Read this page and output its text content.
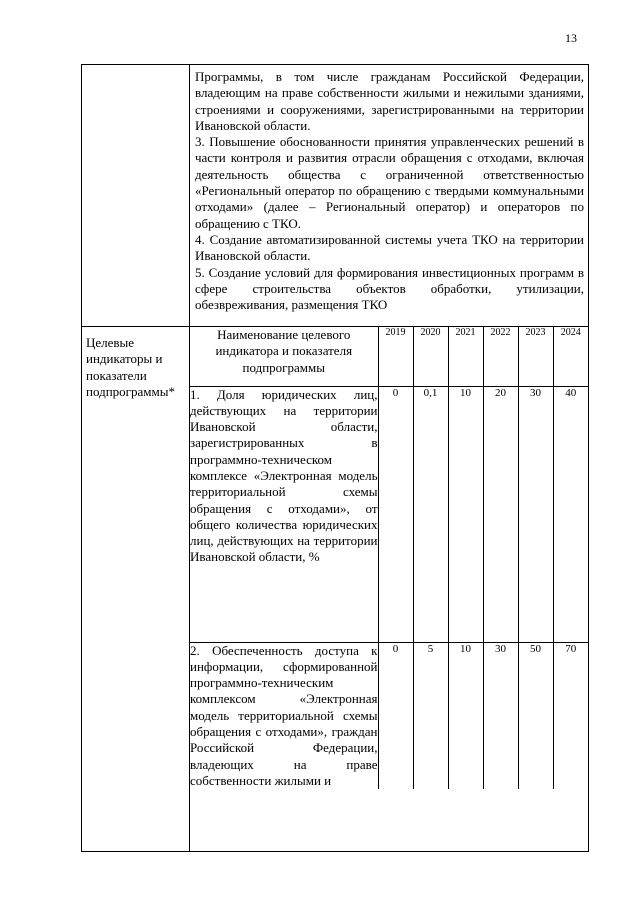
13

Программы, в том числе гражданам Российской Федерации, владеющим на праве собственности жилыми и нежилыми зданиями, строениями и сооружениями, зарегистрированными на территории Ивановской области.

3. Повышение обоснованности принятия управленческих решений в части контроля и развития отрасли обращения с отходами, включая деятельность общества с ограниченной ответственностью «Региональный оператор по обращению с твердыми коммунальными отходами» (далее – Региональный оператор) и операторов по обращению с ТКО.

4. Создание автоматизированной системы учета ТКО на территории Ивановской области.

5. Создание условий для формирования инвестиционных программ в сфере строительства объектов обработки, утилизации, обезвреживания, размещения ТКО

Целевые индикаторы и показатели подпрограммы*	
Наименование целевого индикатора и показателя подпрограммы	2019	2020	2021	2022	2023	2024
1. Доля юридических лиц, действующих на территории Ивановской области, зарегистрированных в программно-техническом комплексе «Электронная модель территориальной схемы обращения с отходами», от общего количества юридических лиц, действующих на территории Ивановской области, %	0	0,1	10	20	30	40
2. Обеспеченность доступа к информации, сформированной программно-техническим комплексом «Электронная модель территориальной схемы обращения с отходами», граждан Российской Федерации, владеющих на праве собственности жилыми и	0	5	10	30	50	70
